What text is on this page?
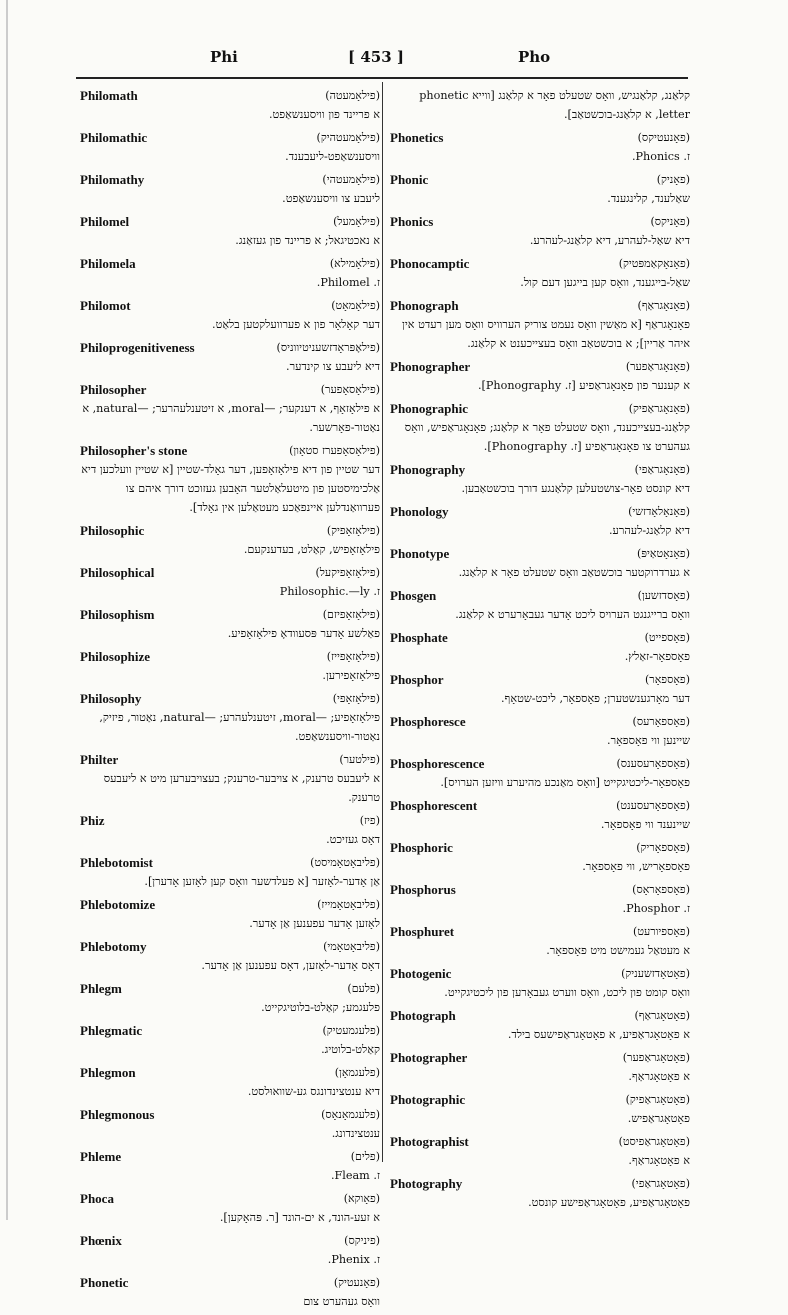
Phi	[ 453 ]	Pho
Philomath	(פילאָמעטה)
א פריינד פון וויסענשאַפט.
Philomathic	(פילאָמעטהיק)
וויסענשאַפט-ליעבענד.
Philomathy	(פילאָמעטהי)
ליעבע צו וויסענשאַפט.
Philomel	(פילאָמעל)
א נאכטיגאל; א פריינד פון געזאַנג.
Philomela	(פילאָמילא)
ז. Philomel.
Philomot	(פילאָמאָט)
דער קאָלאָר פון א פערוועלקטען בלאַט.
Philoprogenitiveness	(פילאָפּראָדזשעניטיווניס)
דיא ליעבע צו קינדער.
Philosopher	(פילאָסאָפער)
א פילאָזאָף, א דענקער; —moral, א זיטענלעהרער; —natural, א נאַטור-פאָרשער.
Philosopher's stone	(פילאָסאָפערז סטאָון)
דער שטיין פון דיא פילאָזאָפען, דער גאָלד-שטיין [א שטיין וועלכען דיא אַלכימיסטען פון מיטעלאַלטער האָבען געזוכט דורך איהם צו פערוואַנדלען איינפאַכע מעטאַלען אין גאָלד].
Philosophic	(פילאָזאָפיק)
פילאָזאָפיש, קאַלט, בעדענקעם.
Philosophical	(פילאָזאָפיקעל)
ז. Philosophic.—ly
Philosophism	(פילאָזאָפיזם)
פאַלשע אָדער פּסעוודאָ פילאָזאָפיע.
Philosophize	(פילאָזאָפייז)
פילאָזאָפירען.
Philosophy	(פילאָזאָפי)
פילאָזאָפיע; —moral, זיטענלעהרע; —natural, נאַטור, פיזיק, נאַטור-וויסענשאַפט.
Philter	(פילטער)
א ליעבעס טרענק, א צויבער-טרענק; בעצויבערען מיט א ליעבעס טרענק.
Phiz	(פיז)
דאָס געזיכט.
Phlebotomist	(פליבאָטאָמיסט)
אַן אָדער-לאָזער [א פעלדשער וואָס קען לאָזען אָדערן].
Phlebotomize	(פליבאָטאָמייז)
לאָזען אָדער עפענען אַן אָדער.
Phlebotomy	(פליבאָטאָמי)
דאָס אָדער-לאָזען, דאָס עפענען אַן אָדער.
Phlegm	(פלעם)
פלעגמע; קאַלט-בלוטיגקייט.
Phlegmatic	(פלעגמעטיק)
קאַלט-בלוטיג.
Phlegmon	(פלעגמאָן)
דיא ענטצינדונגס גע-שוואוּלסט.
Phlegmonous	(פלעגמאָנאָס)
ענטצינדונג.
Phleme	(פלים)
ז. Fleam.
Phoca	(פאָוקא)
א זעע-הונד, א ים-הונד [ר. פּהאָקען].
Phœnix	(פיניקס)
ז. Phenix.
Phonetic	(פאָנעטיק)
וואָס געהערט צום
קלאַנג, קלאַנגיש, וואָס שטעלט פאָר א קלאַנג [ווייא phonetic letter, א קלאַנג-בוכשטאַב].
Phonetics	(פאָנעטיקס)
ז. Phonics.
Phonic	(פאָניק)
שאַלענד, קלינגענד.
Phonics	(פאָניקס)
דיא שאַל-לעהרע, דיא קלאַנג-לעהרע.
Phonocamptic	(פאָנאָקאַמפּטיק)
שאַל-בייגענד, וואָס קען בייגען דעם קול.
Phonograph	(פאָנאָגראַף)
פאָנאָגראַף [א מאַשין וואָס נעמט צוריק הערוויס וואָס מען רעדט אין איהר אַריין]; א בוכשטאַב וואָס בעצייכענט א קלאַנג.
Phonographer	(פאָנאָגראַפער)
א קענער פון פאָנאָגראַפיע [ז. Phonography].
Phonographic	(פאָנאָגראַפיק)
קלאַנג-בעצייכענד, וואָס שטעלט פאָר א קלאַנג; פאָנאָגראַפיש, וואָס געהערט צו פאָנאָגראַפיע [ז. Phonography].
Phonography	(פאָנאָגראַפי)
דיא קונסט פאָר-צושטעלען קלאַנגע דורך בוכשטאַבען.
Phonology	(פאָנאָלאָדזשי)
דיא קלאַנג-לעהרע.
Phonotype	(פאָנאָטאַיפּ)
א גערדרוקטער בוכשטאַב וואָס שטעלט פאָר א קלאַנג.
Phosgen	(פאָסדזשען)
וואָס ברייגנגט הערויס ליכט אָדער געבאָרערט א קלאַנג.
Phosphate	(פאָספייט)
פאָספאָר-זאַלץ.
Phosphor	(פאָספאָר)
דער מאָרגענשטערן; פאָספאָר, ליכט-שטאָף.
Phosphoresce	(פאָספאָרעס)
שיינען ווי פאָספאָר.
Phosphorescence	(פאָספאָרעסענס)
פאָספאָר-ליכטיגקייט [וואָס מאַנכע מהיערע וויזען הערויס].
Phosphorescent	(פאָספאָרעסענט)
שיינענד ווי פאָספאָר.
Phosphoric	(פאָספאָריק)
פאָספאָריש, ווי פאָספאָר.
Phosphorus	(פאָספאָראָס)
ז. Phosphor.
Phosphuret	(פאָספיורעט)
א מעטאַל געמישט מיט פאָספאָר.
Photogenic	(פאָטאָדזשעניק)
וואָס קומט פון ליכט, וואָס ווערט געבאָרען פון ליכטיגקייט.
Photograph	(פאָטאָגראַף)
א פאָטאָגראַפיע, א פאָטאָגראַפישעס בילד.
Photographer	(פאָטאָגראַפער)
א פאָטאָגראַף.
Photographic	(פאָטאָגראַפיק)
פאָטאָגראַפיש.
Photographist	(פאָטאָגראַפיסט)
א פאָטאָגראַף.
Photography	(פאָטאָגראַפי)
פאָטאָגראַפיע, פאָטאָגראַפישע קונסט.
